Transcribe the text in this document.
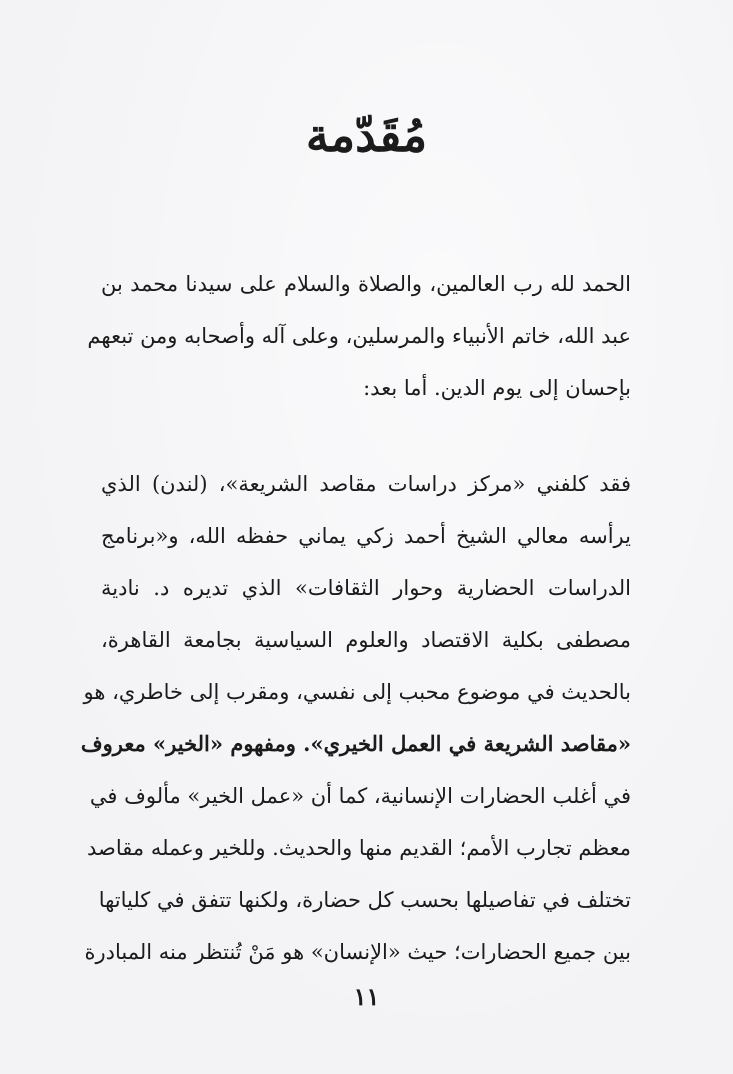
مُقَدّمة
الحمد لله رب العالمين، والصلاة والسلام على سيدنا محمد بن
عبد الله، خاتم الأنبياء والمرسلين، وعلى آله وأصحابه ومن تبعهم
بإحسان إلى يوم الدين. أما بعد:
فقد كلفني «مركز دراسات مقاصد الشريعة»، (لندن) الذي
يرأسه معالي الشيخ أحمد زكي يماني حفظه الله، و«برنامج
الدراسات الحضارية وحوار الثقافات» الذي تديره د. نادية
مصطفى بكلية الاقتصاد والعلوم السياسية بجامعة القاهرة،
بالحديث في موضوع محبب إلى نفسي، ومقرب إلى خاطري، هو
«مقاصد الشريعة في العمل الخيري». ومفهوم «الخير» معروف
في أغلب الحضارات الإنسانية، كما أن «عمل الخير» مألوف في
معظم تجارب الأمم؛ القديم منها والحديث. وللخير وعمله مقاصد
تختلف في تفاصيلها بحسب كل حضارة، ولكنها تتفق في كلياتها
بين جميع الحضارات؛ حيث «الإنسان» هو مَنْ تُنتظر منه المبادرة
١١
